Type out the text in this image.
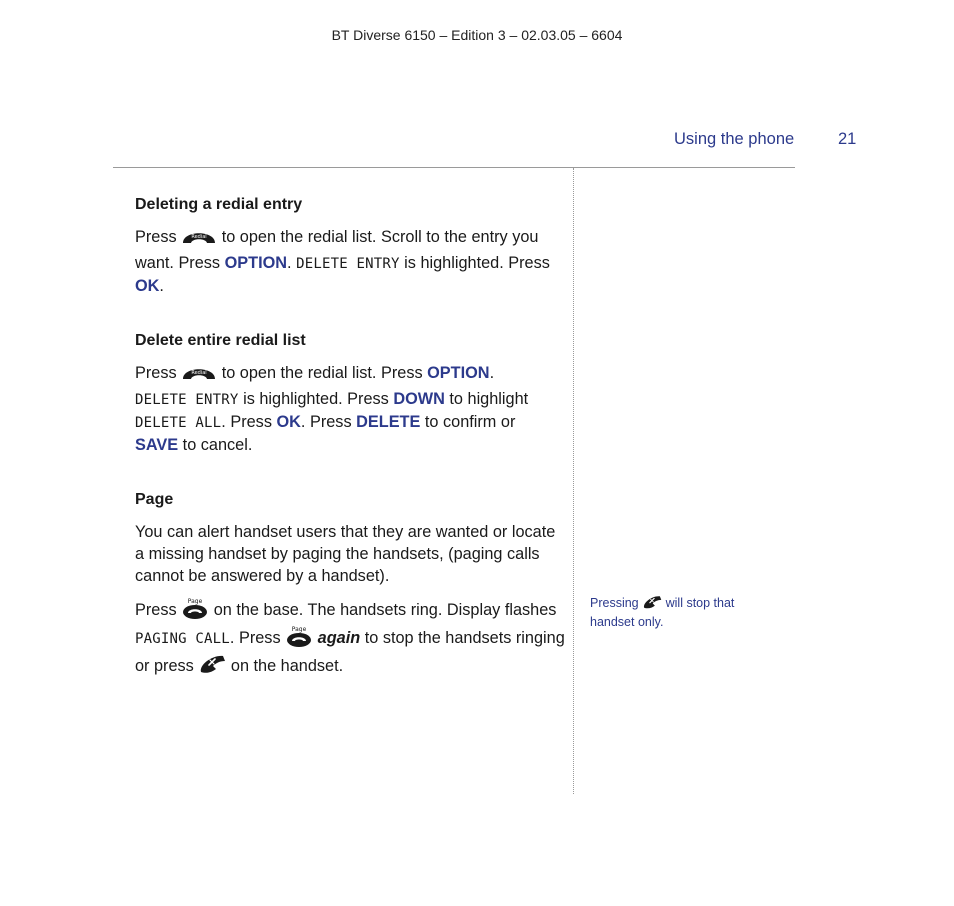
BT Diverse 6150 – Edition 3 – 02.03.05 – 6604
Using the phone	21
Deleting a redial entry

Press	Redial to open the redial list. Scroll to the entry you want. Press OPTION. DELETE ENTRY is highlighted. Press OK.

Delete entire redial list

Press	Redial to open the redial list. Press OPTION.
DELETE ENTRY is highlighted. Press DOWN to highlight
DELETE ALL. Press OK. Press DELETE to confirm or
SAVE to cancel.

Page

You can alert handset users that they are wanted or locate a missing handset by paging the handsets, (paging calls cannot be answered by a handset).

Press Page on the base. The handsets ring. Display flashes
PAGING CALL. Press Page again to stop the handsets ringing or press on the handset.

Pressing will stop that handset only.
